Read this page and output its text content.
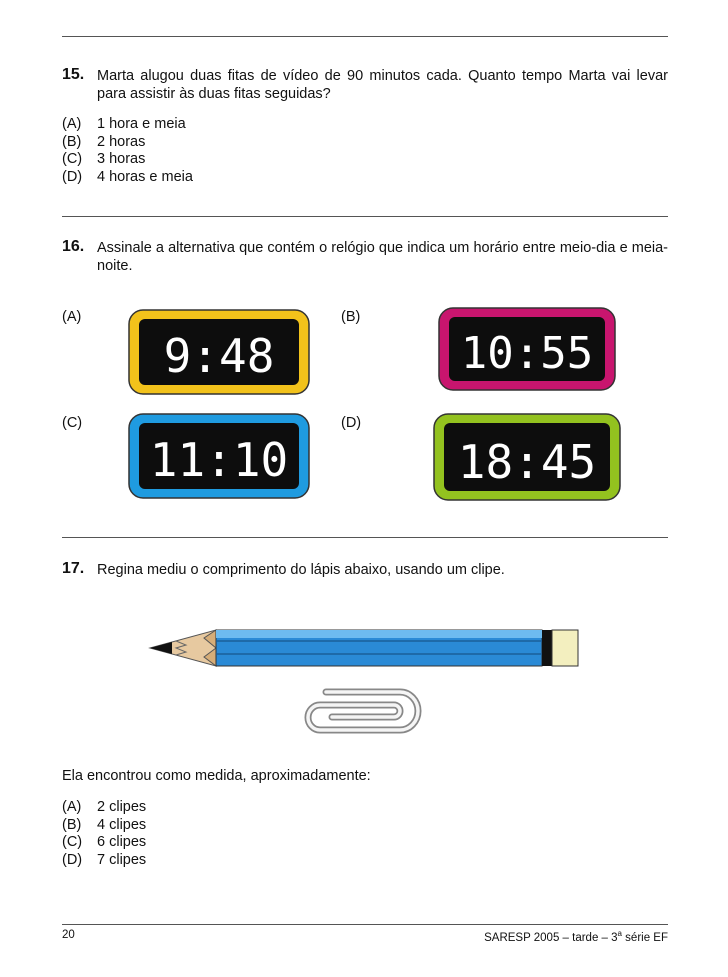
15. Marta alugou duas fitas de vídeo de 90 minutos cada. Quanto tempo Marta vai levar para assistir às duas fitas seguidas?
(A) 1 hora e meia
(B) 2 horas
(C) 3 horas
(D) 4 horas e meia
16. Assinale a alternativa que contém o relógio que indica um horário entre meio-dia e meia-noite.
(A)	(B)
(C)	(D)
9:48	10:55
11:10	18:45
17. Regina mediu o comprimento do lápis abaixo, usando um clipe.
Ela encontrou como medida, aproximadamente:
(A) 2 clipes
(B) 4 clipes
(C) 6 clipes
(D) 7 clipes
20	SARESP 2005 – tarde – 3$^a$ série EF
